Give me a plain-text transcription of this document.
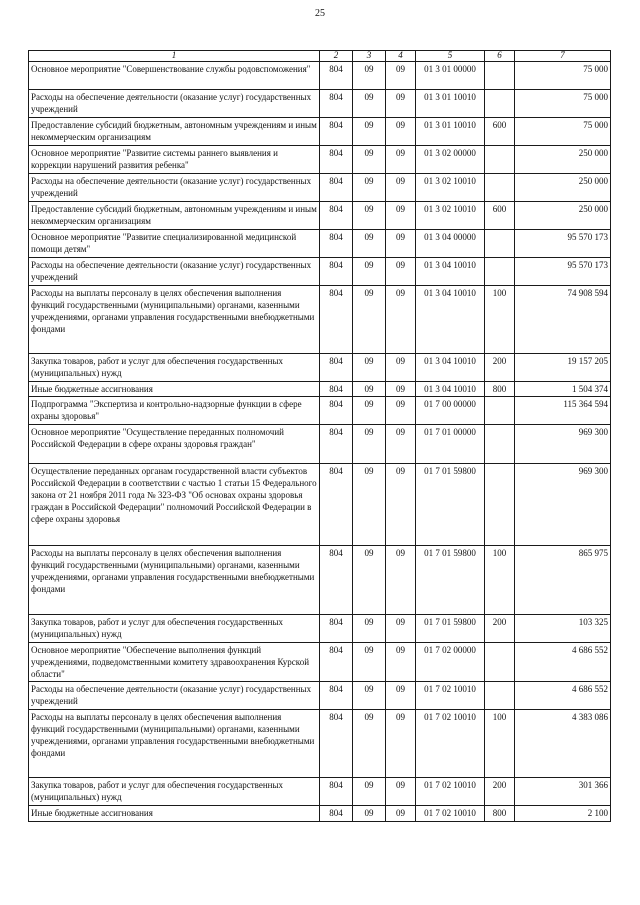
25
1	2	3	4	5	6	7
Основное мероприятие "Совершенствование службы родовспоможения"	804	09	09	01 3 01 00000		75 000
Расходы на обеспечение деятельности (оказание услуг) государственных учреждений	804	09	09	01 3 01 10010		75 000
Предоставление субсидий бюджетным, автономным учреждениям и иным некоммерческим организациям	804	09	09	01 3 01 10010	600	75 000
Основное мероприятие "Развитие системы раннего выявления и коррекции нарушений развития ребенка"	804	09	09	01 3 02 00000		250 000
Расходы на обеспечение деятельности (оказание услуг) государственных учреждений	804	09	09	01 3 02 10010		250 000
Предоставление субсидий бюджетным, автономным учреждениям и иным некоммерческим организациям	804	09	09	01 3 02 10010	600	250 000
Основное мероприятие "Развитие специализированной медицинской помощи детям"	804	09	09	01 3 04 00000		95 570 173
Расходы на обеспечение деятельности (оказание услуг) государственных учреждений	804	09	09	01 3 04 10010		95 570 173
Расходы на выплаты персоналу в целях обеспечения выполнения функций государственными (муниципальными) органами, казенными учреждениями, органами управления государственными внебюджетными фондами	804	09	09	01 3 04 10010	100	74 908 594
Закупка товаров, работ и услуг для обеспечения государственных (муниципальных) нужд	804	09	09	01 3 04 10010	200	19 157 205
Иные бюджетные ассигнования	804	09	09	01 3 04 10010	800	1 504 374
Подпрограмма "Экспертиза и контрольно-надзорные функции в сфере охраны здоровья"	804	09	09	01 7 00 00000		115 364 594
Основное мероприятие "Осуществление переданных полномочий Российской Федерации в сфере охраны здоровья граждан"	804	09	09	01 7 01 00000		969 300
Осуществление переданных органам государственной власти субъектов Российской Федерации в соответствии с частью 1 статьи 15 Федерального закона от 21 ноября 2011 года № 323-ФЗ "Об основах охраны здоровья граждан в Российской Федерации" полномочий Российской Федерации в сфере охраны здоровья	804	09	09	01 7 01 59800		969 300
Расходы на выплаты персоналу в целях обеспечения выполнения функций государственными (муниципальными) органами, казенными учреждениями, органами управления государственными внебюджетными фондами	804	09	09	01 7 01 59800	100	865 975
Закупка товаров, работ и услуг для обеспечения государственных (муниципальных) нужд	804	09	09	01 7 01 59800	200	103 325
Основное мероприятие "Обеспечение выполнения функций учреждениями, подведомственными комитету здравоохранения Курской области"	804	09	09	01 7 02 00000		4 686 552
Расходы на обеспечение деятельности (оказание услуг) государственных учреждений	804	09	09	01 7 02 10010		4 686 552
Расходы на выплаты персоналу в целях обеспечения выполнения функций государственными (муниципальными) органами, казенными учреждениями, органами управления государственными внебюджетными фондами	804	09	09	01 7 02 10010	100	4 383 086
Закупка товаров, работ и услуг для обеспечения государственных (муниципальных) нужд	804	09	09	01 7 02 10010	200	301 366
Иные бюджетные ассигнования	804	09	09	01 7 02 10010	800	2 100
